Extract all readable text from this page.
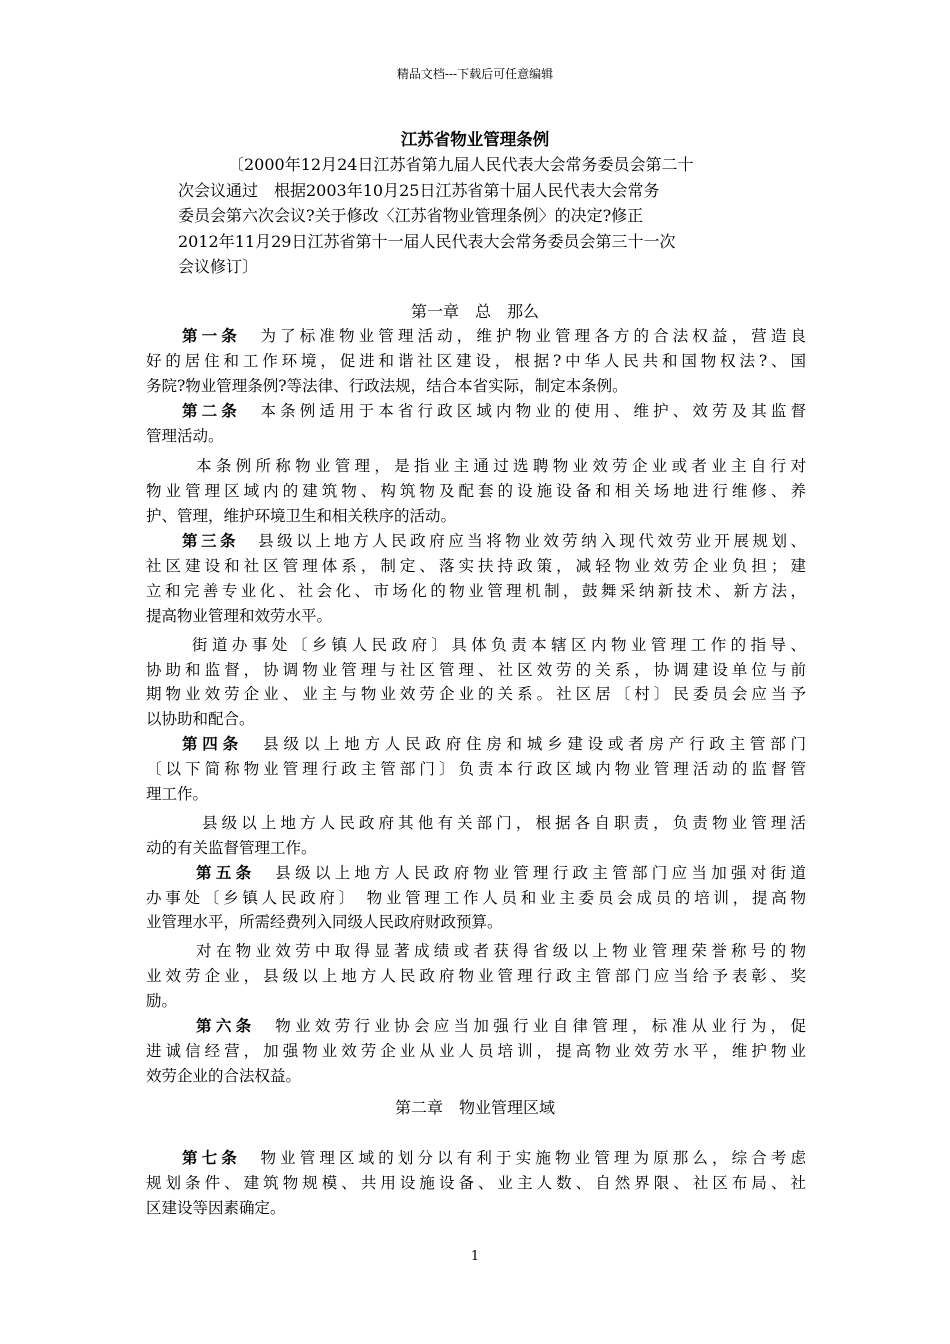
精品文档---下载后可任意编辑
江苏省物业管理条例
〔2000年12月24日江苏省第九届人民代表大会常务委员会第二十
次会议通过　根据2003年10月25日江苏省第十届人民代表大会常务
委员会第六次会议?关于修改〈江苏省物业管理条例〉的决定?修正
2012年11月29日江苏省第十一届人民代表大会常务委员会第三十一次
会议修订〕
第一章　总　那么
第一条　 为了标准物业管理活动，维护物业管理各方的合法权益，营造良
好的居住和工作环境，促进和谐社区建设，根据?中华人民共和国物权法?、国
务院?物业管理条例?等法律、行政法规，结合本省实际，制定本条例。
第二条　 本条例适用于本省行政区域内物业的使用、维护、效劳及其监督
管理活动。
本条例所称物业管理，是指业主通过选聘物业效劳企业或者业主自行对
物业管理区域内的建筑物、构筑物及配套的设施设备和相关场地进行维修、养
护、管理，维护环境卫生和相关秩序的活动。
第三条　 县级以上地方人民政府应当将物业效劳纳入现代效劳业开展规划、
社区建设和社区管理体系，制定、落实扶持政策，减轻物业效劳企业负担；建
立和完善专业化、社会化、市场化的物业管理机制，鼓舞采纳新技术、新方法，
提高物业管理和效劳水平。
街道办事处〔乡镇人民政府〕具体负责本辖区内物业管理工作的指导、
协助和监督，协调物业管理与社区管理、社区效劳的关系，协调建设单位与前
期物业效劳企业、业主与物业效劳企业的关系。社区居〔村〕民委员会应当予
以协助和配合。
第四条　 县级以上地方人民政府住房和城乡建设或者房产行政主管部门
〔以下简称物业管理行政主管部门〕负责本行政区域内物业管理活动的监督管
理工作。
县级以上地方人民政府其他有关部门，根据各自职责，负责物业管理活
动的有关监督管理工作。
第五条　 县级以上地方人民政府物业管理行政主管部门应当加强对街道
办事处〔乡镇人民政府〕 物业管理工作人员和业主委员会成员的培训，提高物
业管理水平，所需经费列入同级人民政府财政预算。
对在物业效劳中取得显著成绩或者获得省级以上物业管理荣誉称号的物
业效劳企业，县级以上地方人民政府物业管理行政主管部门应当给予表彰、奖
励。
第六条　 物业效劳行业协会应当加强行业自律管理，标准从业行为，促
进诚信经营，加强物业效劳企业从业人员培训，提高物业效劳水平，维护物业
效劳企业的合法权益。
第二章　物业管理区域
第七条　 物业管理区域的划分以有利于实施物业管理为原那么，综合考虑
规划条件、建筑物规模、共用设施设备、业主人数、自然界限、社区布局、社
区建设等因素确定。
1
